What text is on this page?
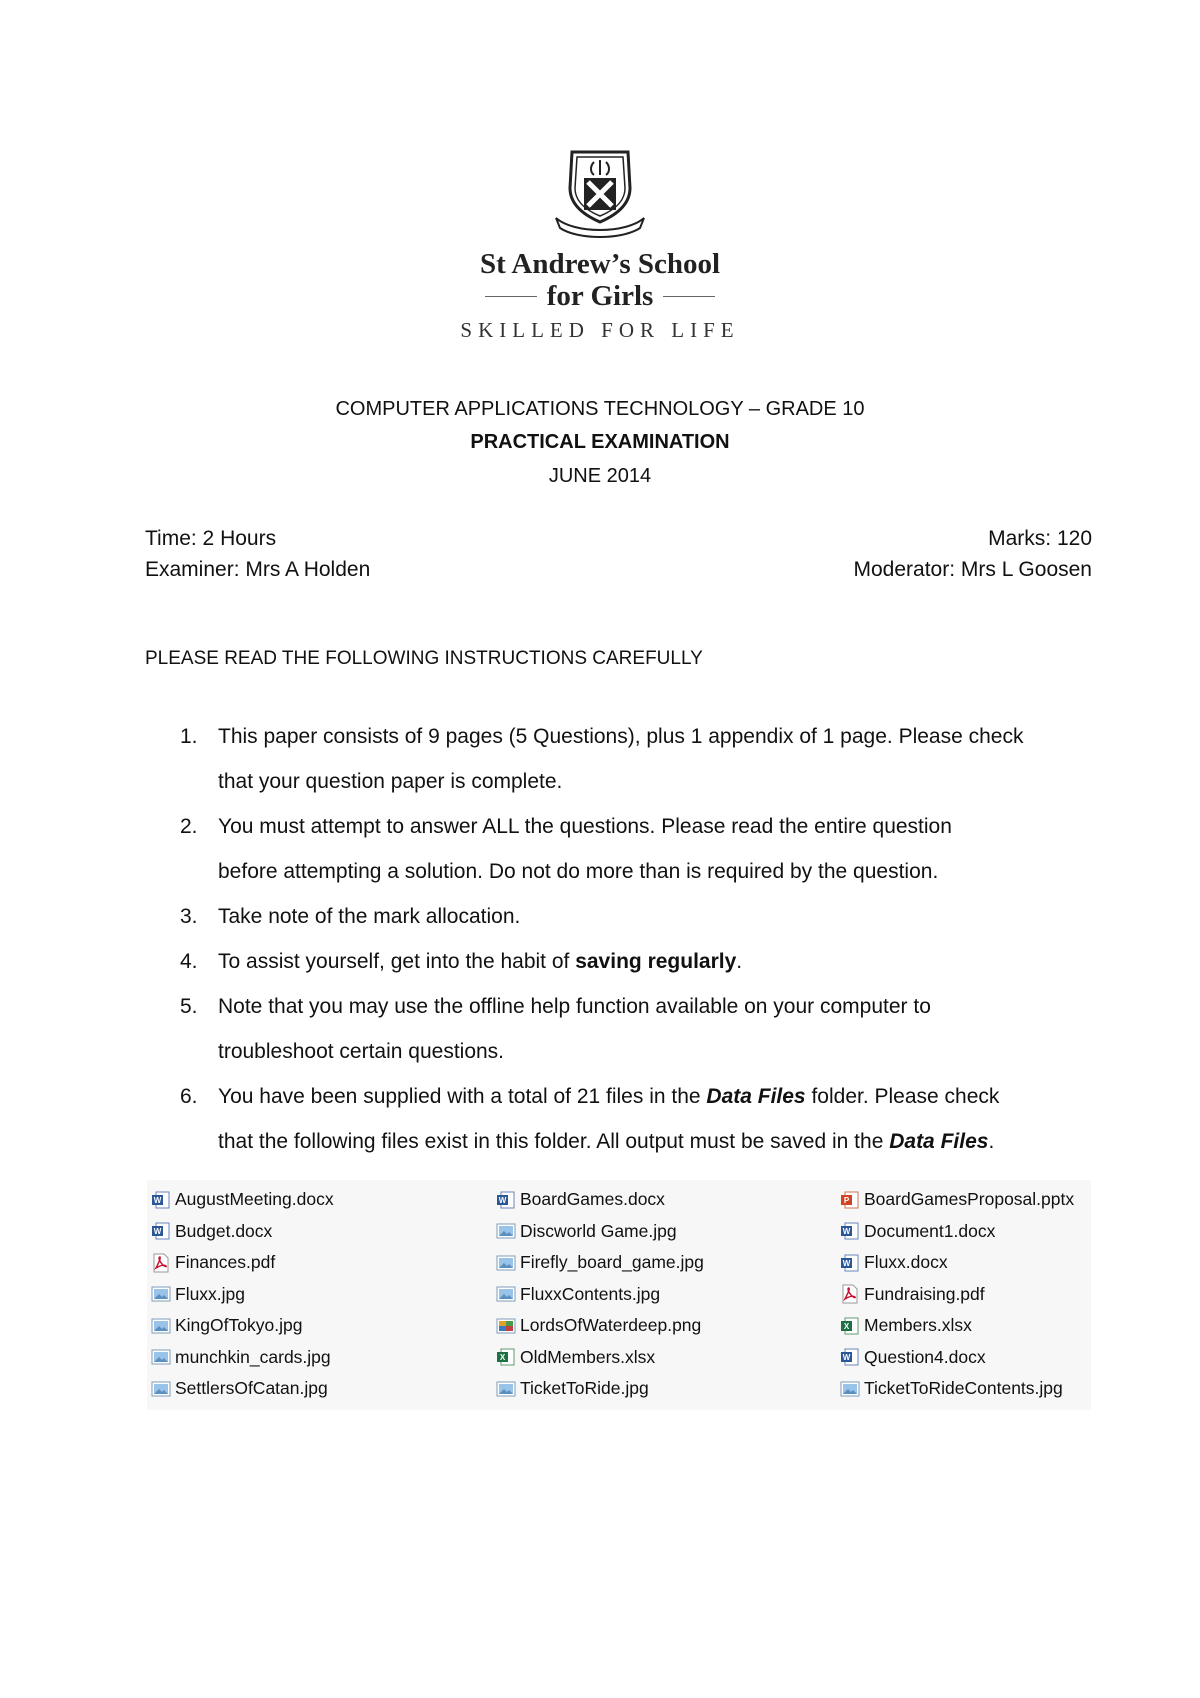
St Andrew’s School
for Girls
SKILLED FOR LIFE
COMPUTER APPLICATIONS TECHNOLOGY – GRADE 10
PRACTICAL EXAMINATION
JUNE 2014
Time: 2 Hours
Examiner: Mrs A Holden
Marks: 120
Moderator: Mrs L Goosen
PLEASE READ THE FOLLOWING INSTRUCTIONS CAREFULLY
1. This paper consists of 9 pages (5 Questions), plus 1 appendix of 1 page. Please check
that your question paper is complete.
2. You must attempt to answer ALL the questions. Please read the entire question
before attempting a solution. Do not do more than is required by the question.
3. Take note of the mark allocation.
4. To assist yourself, get into the habit of saving regularly.
5. Note that you may use the offline help function available on your computer to
troubleshoot certain questions.
6. You have been supplied with a total of 21 files in the Data Files folder. Please check
that the following files exist in this folder. All output must be saved in the Data Files.
W AugustMeeting.docx
W Budget.docx
Finances.pdf
Fluxx.jpg
KingOfTokyo.jpg
munchkin_cards.jpg
SettlersOfCatan.jpg
W BoardGames.docx
Discworld Game.jpg
Firefly_board_game.jpg
FluxxContents.jpg
LordsOfWaterdeep.png
X OldMembers.xlsx
TicketToRide.jpg
P BoardGamesProposal.pptx
W Document1.docx
W Fluxx.docx
Fundraising.pdf
X Members.xlsx
W Question4.docx
TicketToRideContents.jpg
